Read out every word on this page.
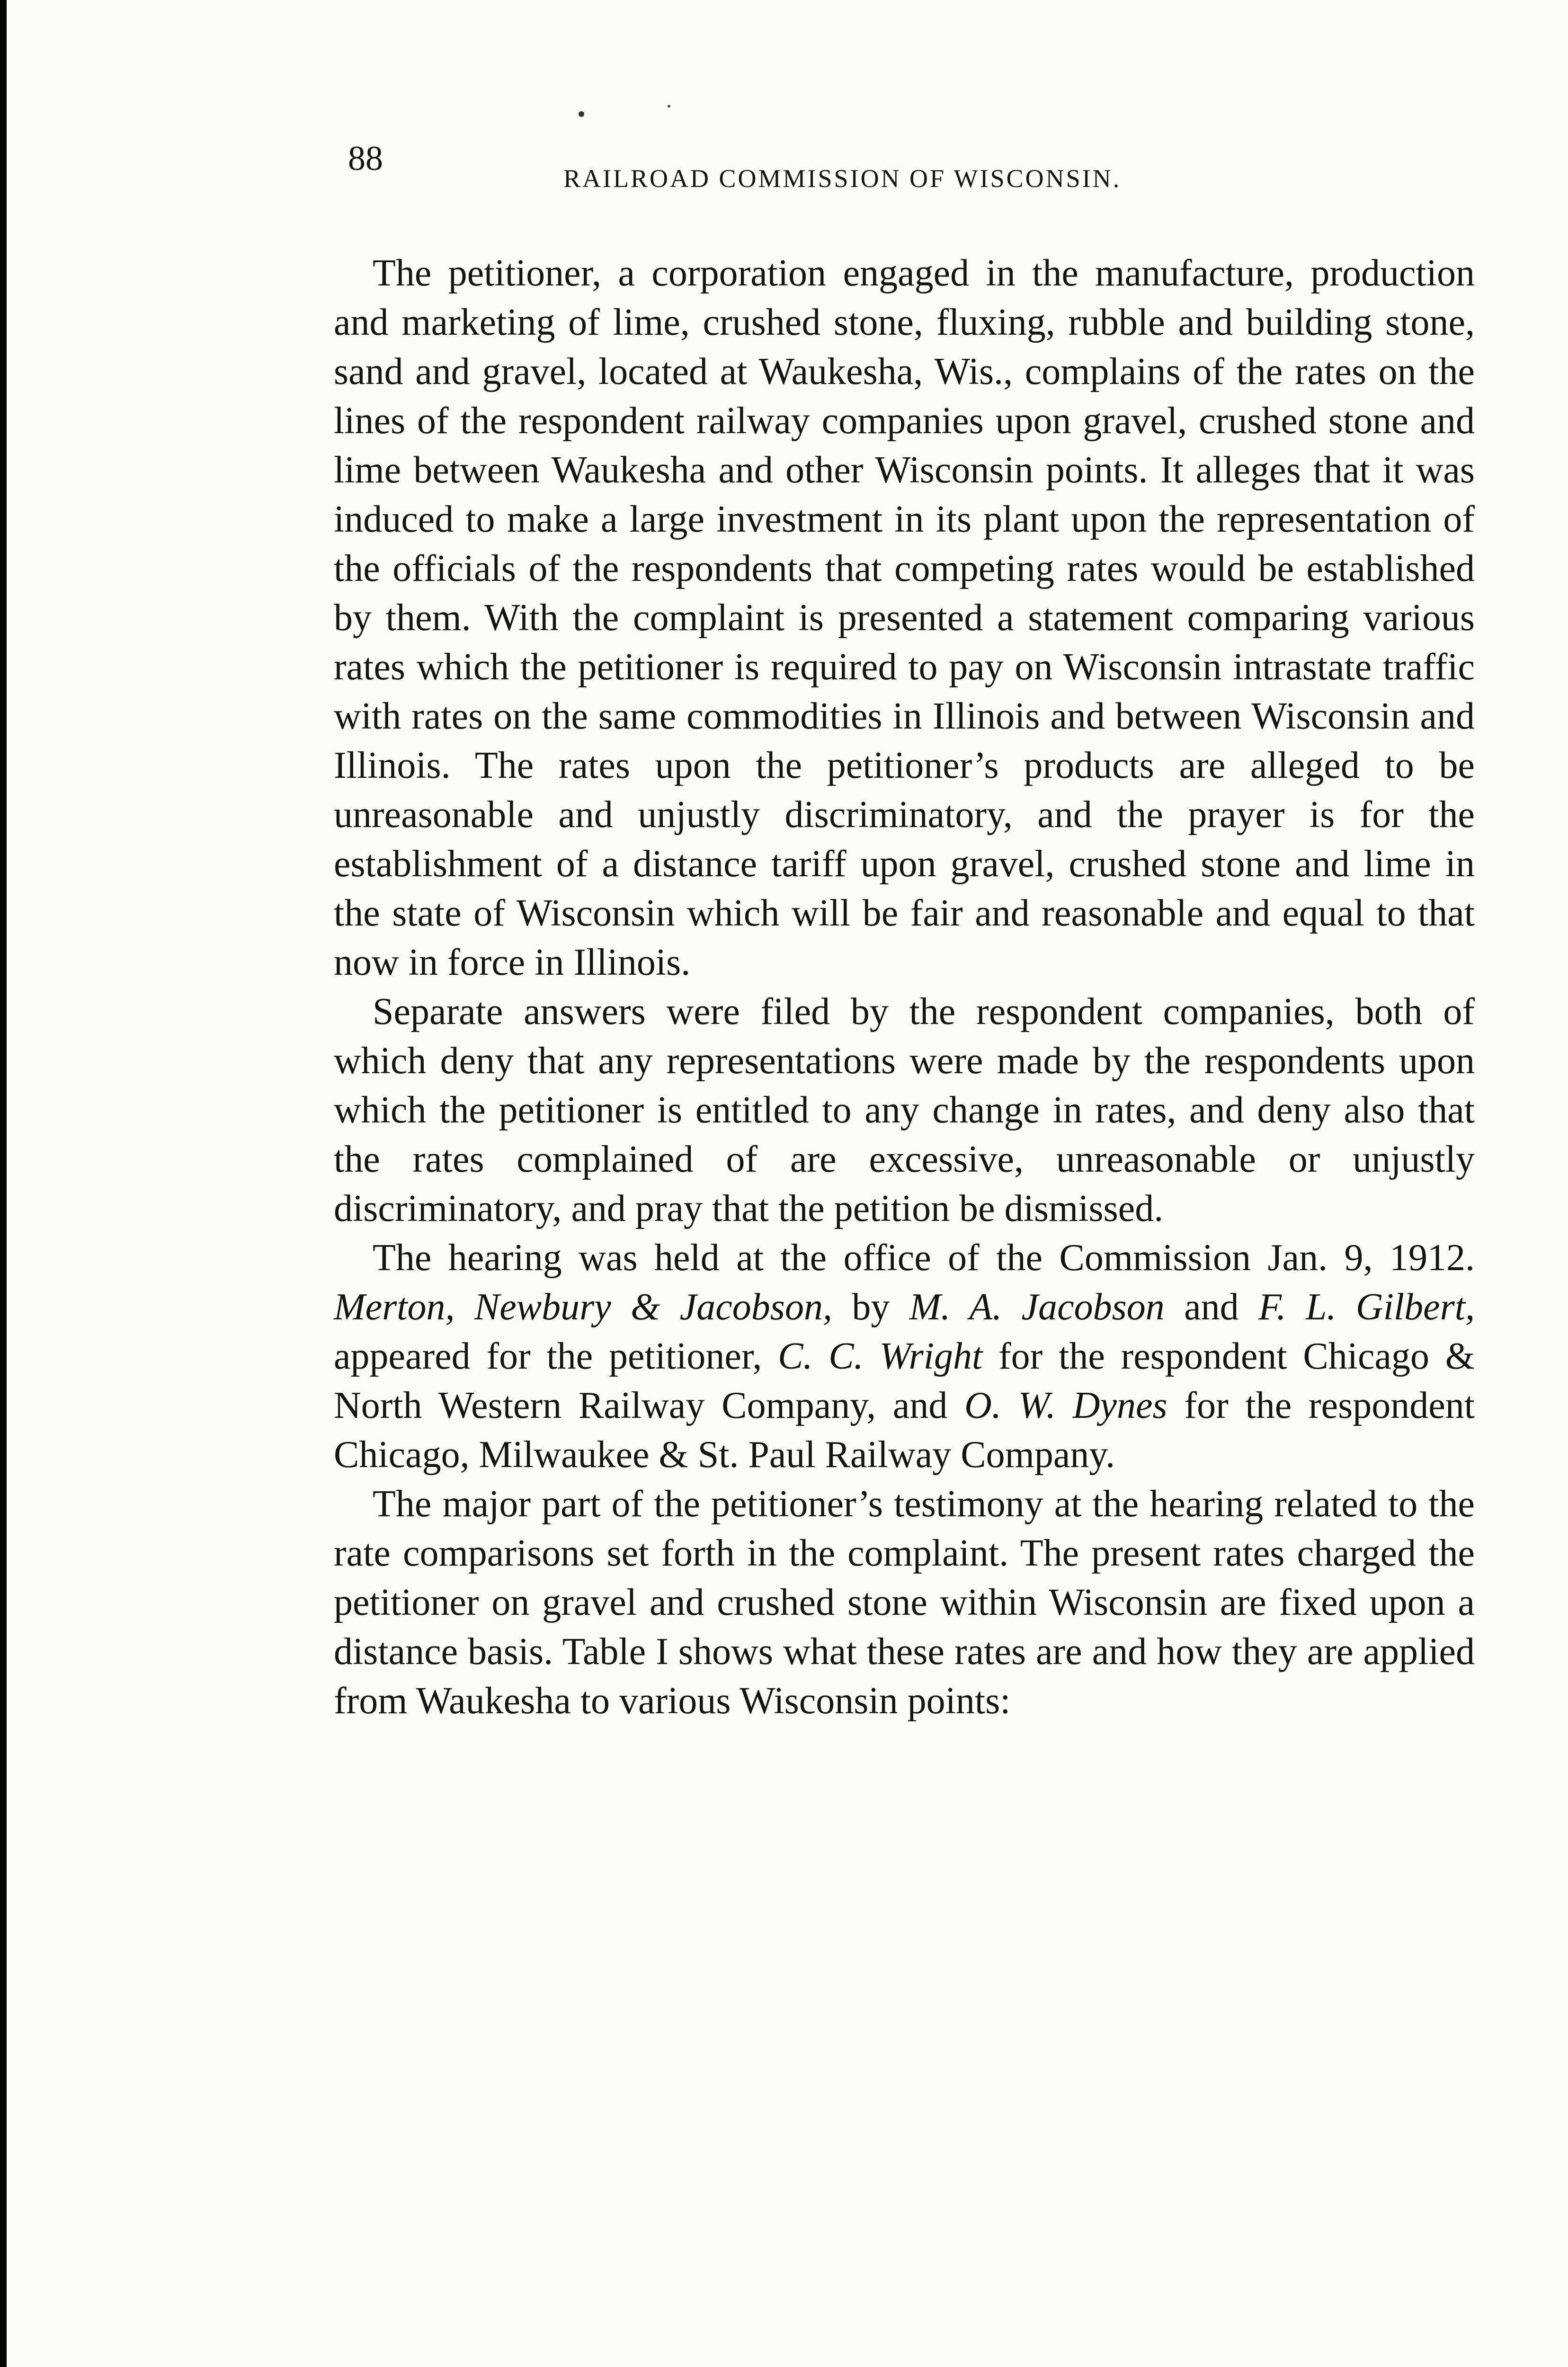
88
RAILROAD COMMISSION OF WISCONSIN.

The petitioner, a corporation engaged in the manufacture, production and marketing of lime, crushed stone, fluxing, rubble and building stone, sand and gravel, located at Waukesha, Wis., complains of the rates on the lines of the respondent railway companies upon gravel, crushed stone and lime between Waukesha and other Wisconsin points. It alleges that it was induced to make a large investment in its plant upon the representation of the officials of the respondents that competing rates would be established by them. With the complaint is presented a statement comparing various rates which the petitioner is required to pay on Wisconsin intrastate traffic with rates on the same commodities in Illinois and between Wisconsin and Illinois. The rates upon the petitioner’s products are alleged to be unreasonable and unjustly discriminatory, and the prayer is for the establishment of a distance tariff upon gravel, crushed stone and lime in the state of Wisconsin which will be fair and reasonable and equal to that now in force in Illinois.

Separate answers were filed by the respondent companies, both of which deny that any representations were made by the respondents upon which the petitioner is entitled to any change in rates, and deny also that the rates complained of are excessive, unreasonable or unjustly discriminatory, and pray that the petition be dismissed.

The hearing was held at the office of the Commission Jan. 9, 1912. Merton, Newbury & Jacobson, by M. A. Jacobson and F. L. Gilbert, appeared for the petitioner, C. C. Wright for the respondent Chicago & North Western Railway Company, and O. W. Dynes for the respondent Chicago, Milwaukee & St. Paul Railway Company.

The major part of the petitioner’s testimony at the hearing related to the rate comparisons set forth in the complaint. The present rates charged the petitioner on gravel and crushed stone within Wisconsin are fixed upon a distance basis. Table I shows what these rates are and how they are applied from Waukesha to various Wisconsin points:
